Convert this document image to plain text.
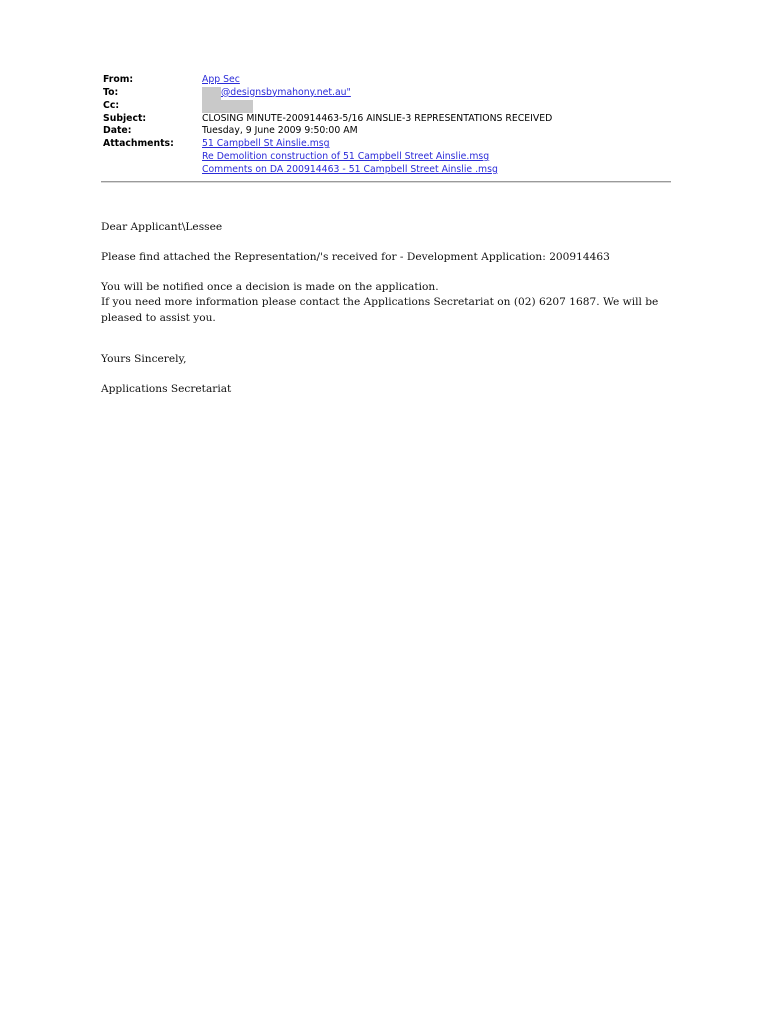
From:	App Sec
To:	@designsbymahony.net.au"
Cc:
Subject:	CLOSING MINUTE-200914463-5/16 AINSLIE-3 REPRESENTATIONS RECEIVED
Date:	Tuesday, 9 June 2009 9:50:00 AM
Attachments:	51 Campbell St Ainslie.msg
Re Demolition construction of 51 Campbell Street Ainslie.msg
Comments on DA 200914463 - 51 Campbell Street Ainslie .msg

Dear Applicant\Lessee

Please find attached the Representation/'s received for - Development Application: 200914463

You will be notified once a decision is made on the application.

If you need more information please contact the Applications Secretariat on (02) 6207 1687. We will be pleased to assist you.

Yours Sincerely,

Applications Secretariat
